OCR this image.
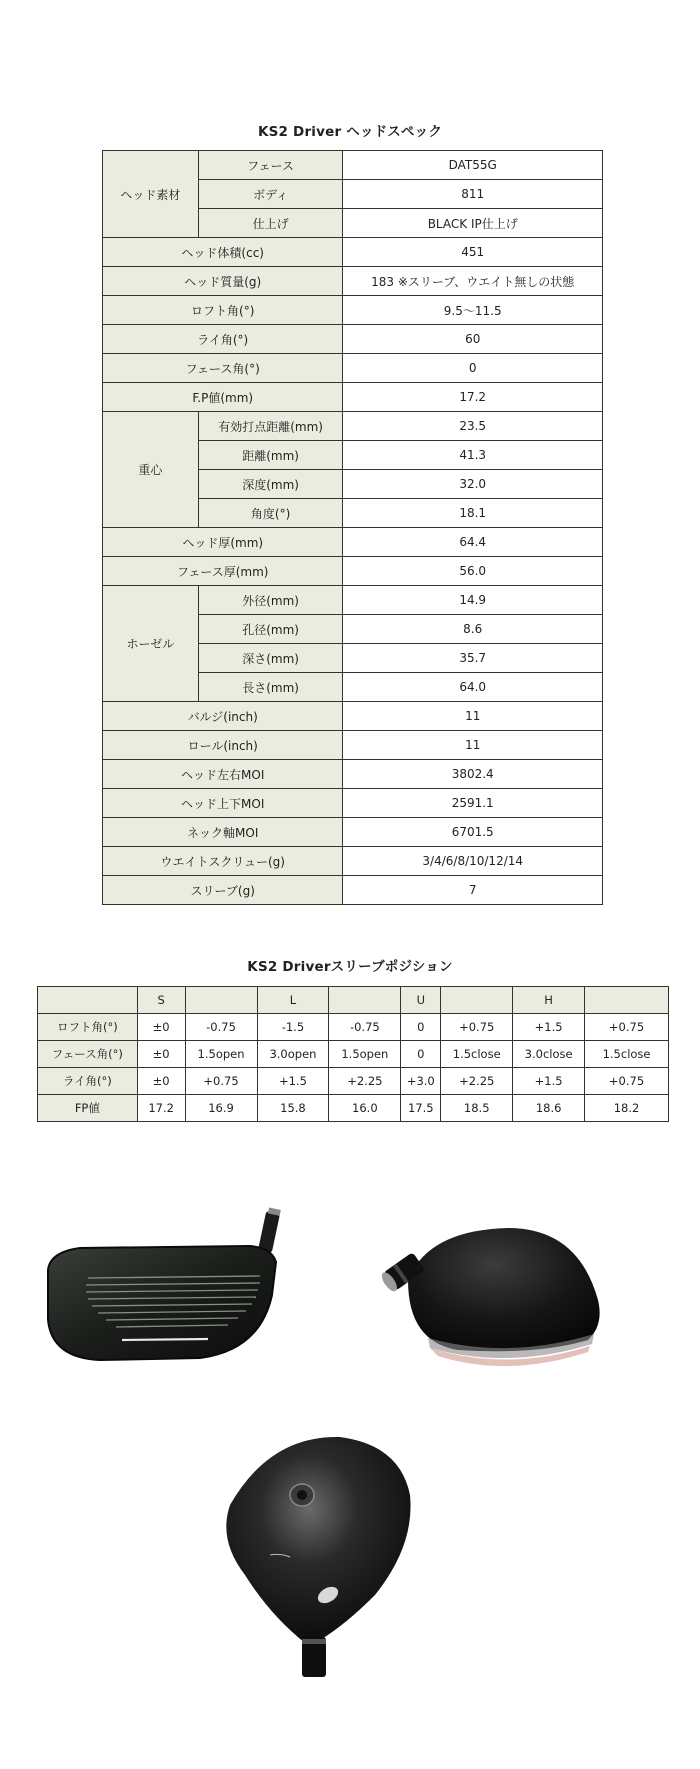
KS2 Driver ヘッドスペック
ヘッド素材	フェース	DAT55G
	ボディ	811
	仕上げ	BLACK IP仕上げ
ヘッド体積(cc)		451
ヘッド質量(g)		183 ※スリーブ、ウエイト無しの状態
ロフト角(°)		9.5～11.5
ライ角(°)		60
フェース角(°)		0
F.P値(mm)		17.2
重心	有効打点距離(mm)	23.5
	距離(mm)	41.3
	深度(mm)	32.0
	角度(°)	18.1
ヘッド厚(mm)		64.4
フェース厚(mm)		56.0
ホーゼル	外径(mm)	14.9
	孔径(mm)	8.6
	深さ(mm)	35.7
	長さ(mm)	64.0
バルジ(inch)		11
ロール(inch)		11
ヘッド左右MOI		3802.4
ヘッド上下MOI		2591.1
ネック軸MOI		6701.5
ウエイトスクリュー(g)		3/4/6/8/10/12/14
スリーブ(g)		7
KS2 Driverスリーブポジション
	S		L		U		H	
ロフト角(°)	±0	-0.75	-1.5	-0.75	0	+0.75	+1.5	+0.75
フェース角(°)	±0	1.5open	3.0open	1.5open	0	1.5close	3.0close	1.5close
ライ角(°)	±0	+0.75	+1.5	+2.25	+3.0	+2.25	+1.5	+0.75
FP値	17.2	16.9	15.8	16.0	17.5	18.5	18.6	18.2
